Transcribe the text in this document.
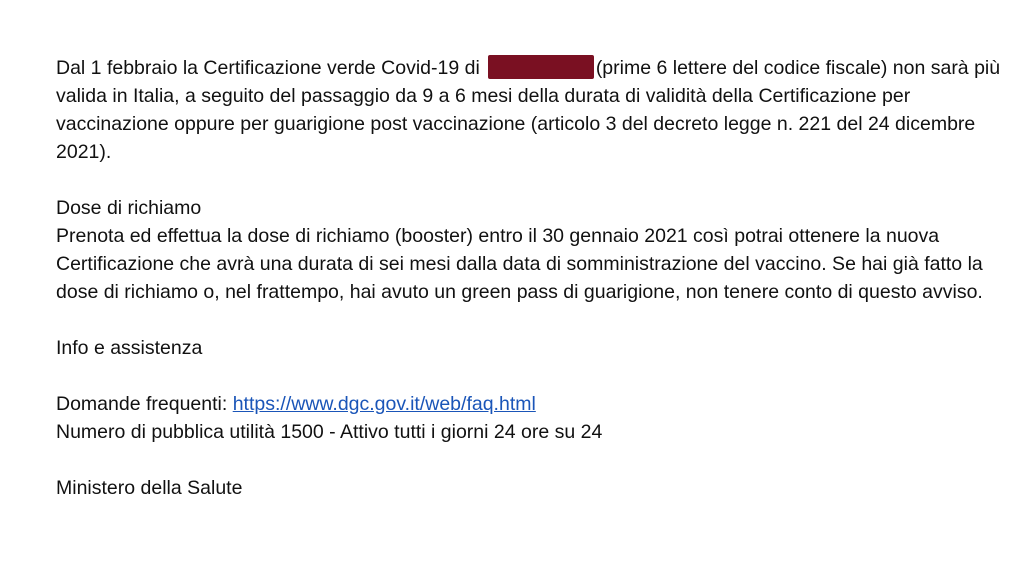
Dal 1 febbraio la Certificazione verde Covid-19 di	(prime 6 lettere del codice fiscale) non sarà più valida in Italia, a seguito del passaggio da 9 a 6 mesi della durata di validità della Certificazione per vaccinazione oppure per guarigione post vaccinazione (articolo 3 del decreto legge n. 221 del 24 dicembre 2021).

Dose di richiamo

Prenota ed effettua la dose di richiamo (booster) entro il 30 gennaio 2021 così potrai ottenere la nuova Certificazione che avrà una durata di sei mesi dalla data di somministrazione del vaccino. Se hai già fatto la dose di richiamo o, nel frattempo, hai avuto un green pass di guarigione, non tenere conto di questo avviso.

Info e assistenza

Domande frequenti: https://www.dgc.gov.it/web/faq.html

Numero di pubblica utilità 1500 - Attivo tutti i giorni 24 ore su 24

Ministero della Salute
